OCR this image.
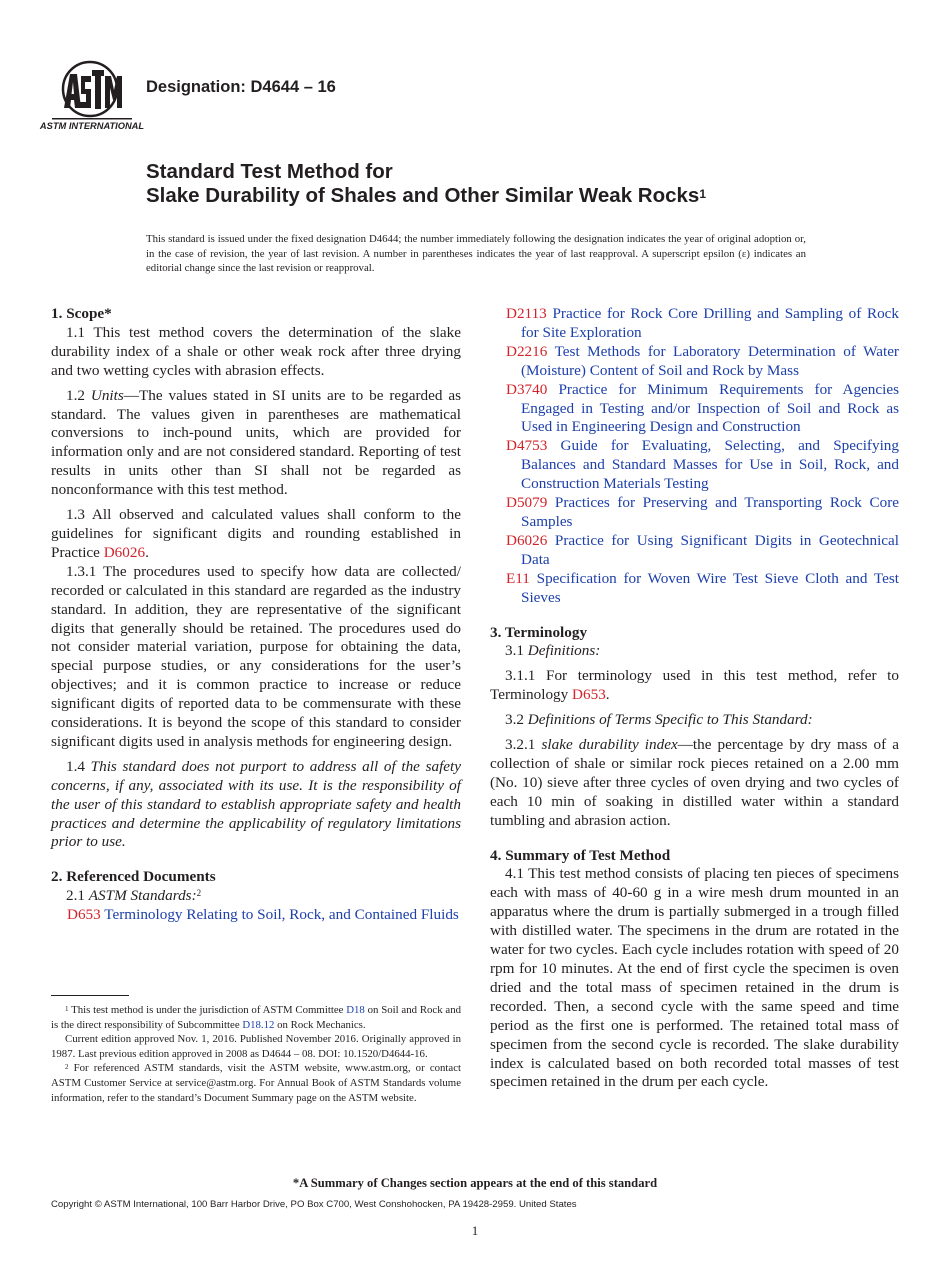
ASTM INTERNATIONAL
Designation: D4644 – 16
Standard Test Method for
Slake Durability of Shales and Other Similar Weak Rocks$^1$
This standard is issued under the fixed designation D4644; the number immediately following the designation indicates the year of original adoption or, in the case of revision, the year of last revision. A number in parentheses indicates the year of last reapproval. A superscript epsilon (ε) indicates an editorial change since the last revision or reapproval.

1. Scope*

1.1 This test method covers the determination of the slake durability index of a shale or other weak rock after three drying and two wetting cycles with abrasion effects.

1.2 Units—The values stated in SI units are to be regarded as standard. The values given in parentheses are mathematical conversions to inch-pound units, which are provided for information only and are not considered standard. Reporting of test results in units other than SI shall not be regarded as nonconformance with this test method.

1.3 All observed and calculated values shall conform to the guidelines for significant digits and rounding established in Practice D6026.

1.3.1 The procedures used to specify how data are collected/ recorded or calculated in this standard are regarded as the industry standard. In addition, they are representative of the significant digits that generally should be retained. The procedures used do not consider material variation, purpose for obtaining the data, special purpose studies, or any considerations for the user’s objectives; and it is common practice to increase or reduce significant digits of reported data to be commensurate with these considerations. It is beyond the scope of this standard to consider significant digits used in analysis methods for engineering design.

1.4 This standard does not purport to address all of the safety concerns, if any, associated with its use. It is the responsibility of the user of this standard to establish appropriate safety and health practices and determine the applicability of regulatory limitations prior to use.

2. Referenced Documents

2.1 ASTM Standards:$^2$

D653 Terminology Relating to Soil, Rock, and Contained Fluids

$^1$ This test method is under the jurisdiction of ASTM Committee D18 on Soil and Rock and is the direct responsibility of Subcommittee D18.12 on Rock Mechanics.

Current edition approved Nov. 1, 2016. Published November 2016. Originally approved in 1987. Last previous edition approved in 2008 as D4644 – 08. DOI: 10.1520/D4644-16.

$^2$ For referenced ASTM standards, visit the ASTM website, www.astm.org, or contact ASTM Customer Service at service@astm.org. For Annual Book of ASTM Standards volume information, refer to the standard’s Document Summary page on the ASTM website.

D2113 Practice for Rock Core Drilling and Sampling of Rock for Site Exploration

D2216 Test Methods for Laboratory Determination of Water (Moisture) Content of Soil and Rock by Mass

D3740 Practice for Minimum Requirements for Agencies Engaged in Testing and/or Inspection of Soil and Rock as Used in Engineering Design and Construction

D4753 Guide for Evaluating, Selecting, and Specifying Balances and Standard Masses for Use in Soil, Rock, and Construction Materials Testing

D5079 Practices for Preserving and Transporting Rock Core Samples

D6026 Practice for Using Significant Digits in Geotechnical Data

E11 Specification for Woven Wire Test Sieve Cloth and Test Sieves

3. Terminology

3.1 Definitions:

3.1.1 For terminology used in this test method, refer to Terminology D653.

3.2 Definitions of Terms Specific to This Standard:

3.2.1 slake durability index—the percentage by dry mass of a collection of shale or similar rock pieces retained on a 2.00 mm (No. 10) sieve after three cycles of oven drying and two cycles of each 10 min of soaking in distilled water within a standard tumbling and abrasion action.

4. Summary of Test Method

4.1 This test method consists of placing ten pieces of specimens each with mass of 40-60 g in a wire mesh drum mounted in an apparatus where the drum is partially submerged in a trough filled with distilled water. The specimens in the drum are rotated in the water for two cycles. Each cycle includes rotation with speed of 20 rpm for 10 minutes. At the end of first cycle the specimen is oven dried and the total mass of specimen retained in the drum is recorded. Then, a second cycle with the same speed and time period as the first one is performed. The retained total mass of specimen from the second cycle is recorded. The slake durability index is calculated based on both recorded total masses of test specimen retained in the drum per each cycle.

*A Summary of Changes section appears at the end of this standard
Copyright © ASTM International, 100 Barr Harbor Drive, PO Box C700, West Conshohocken, PA 19428-2959. United States
1
